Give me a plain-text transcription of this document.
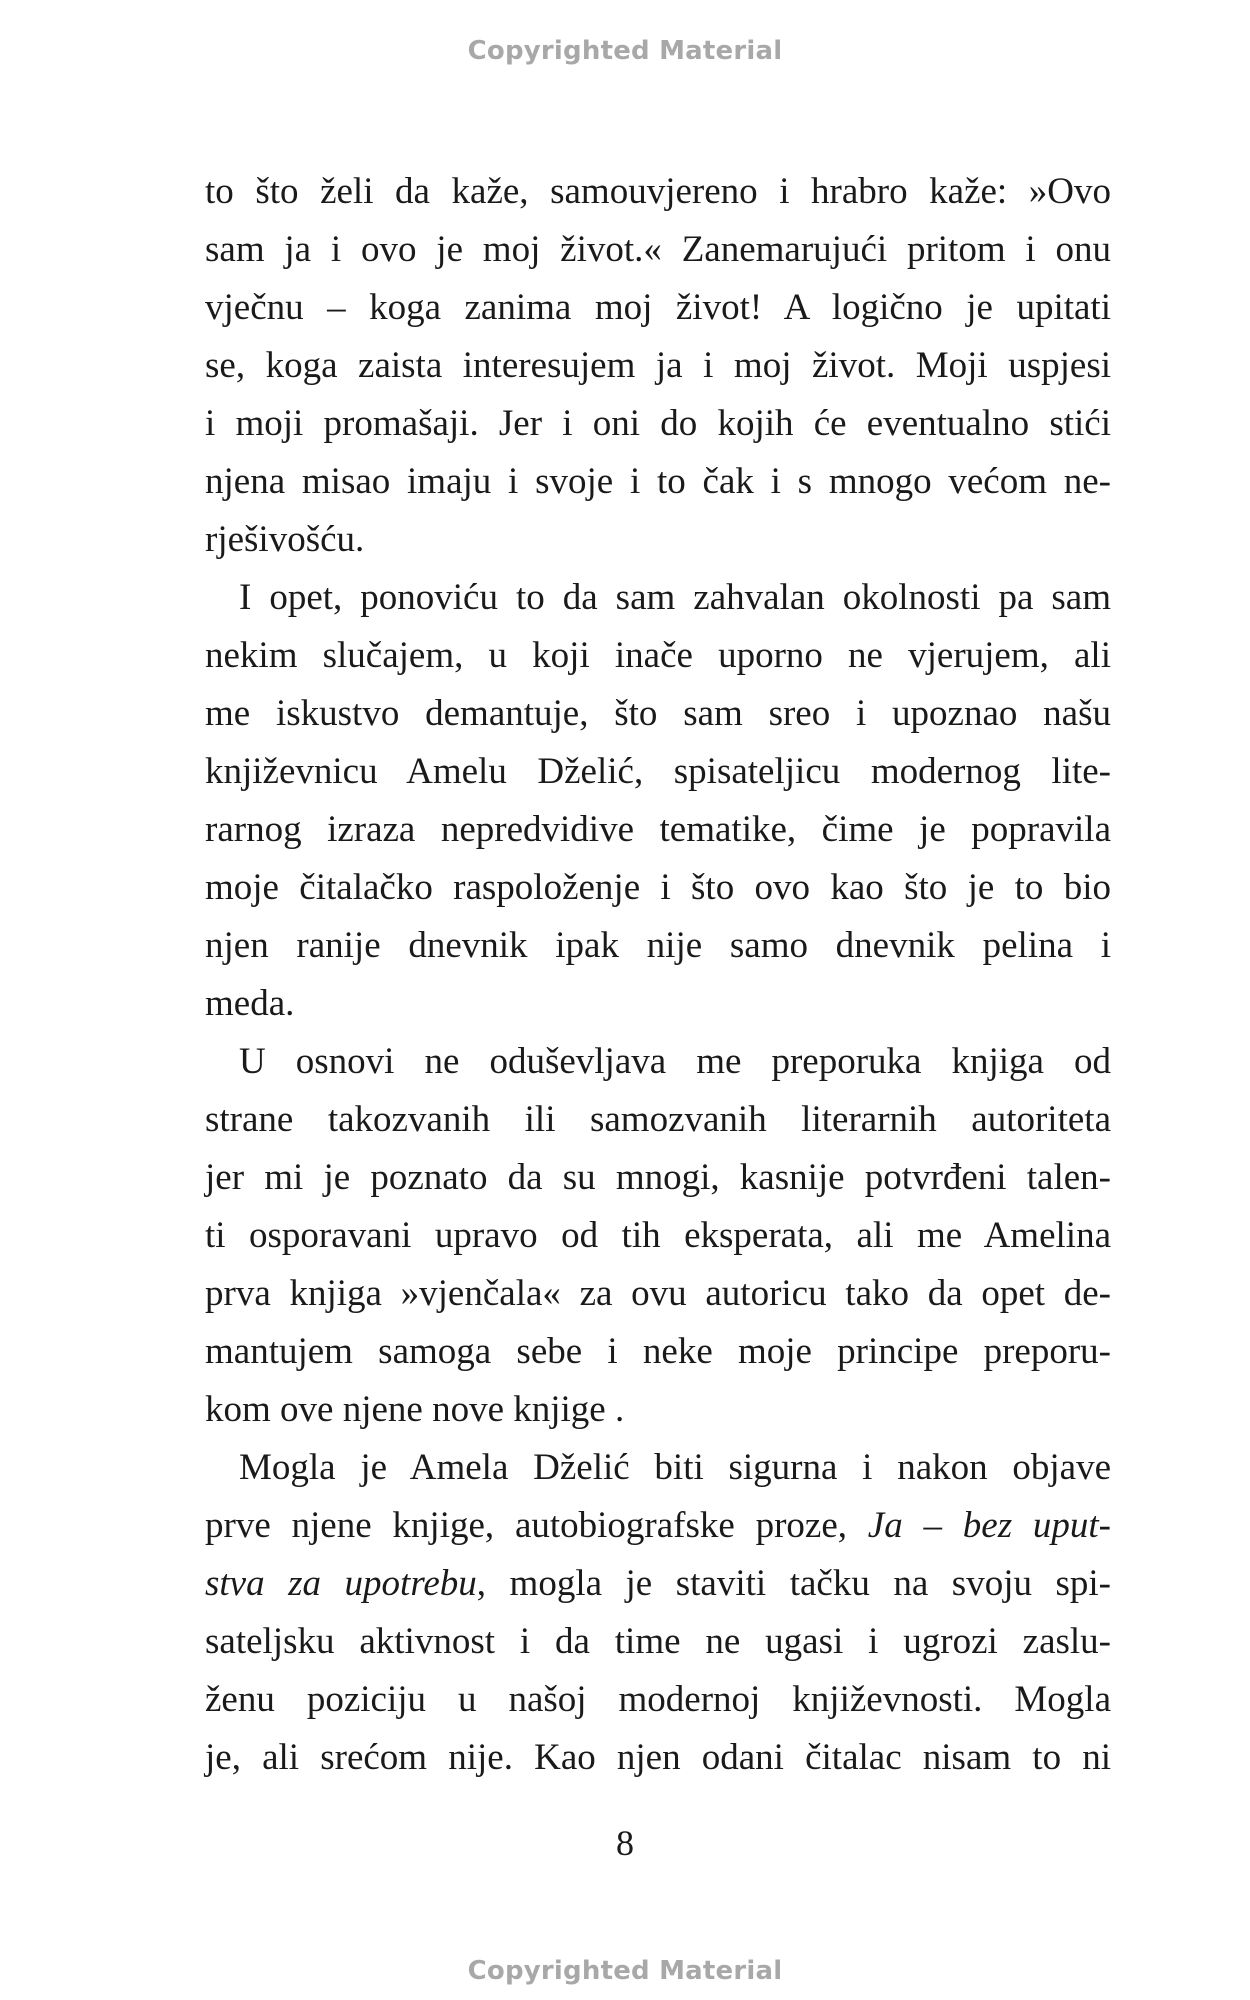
Copyrighted Material
to što želi da kaže, samouvjereno i hrabro kaže: »Ovo
sam ja i ovo je moj život.« Zanemarujući pritom i onu
vječnu – koga zanima moj život! A logično je upitati
se, koga zaista interesujem ja i moj život. Moji uspjesi
i moji promašaji. Jer i oni do kojih će eventualno stići
njena misao imaju i svoje i to čak i s mnogo većom ne-
rješivošću.
I opet, ponoviću to da sam zahvalan okolnosti pa sam
nekim slučajem, u koji inače uporno ne vjerujem, ali
me iskustvo demantuje, što sam sreo i upoznao našu
književnicu Amelu Dželić, spisateljicu modernog lite-
rarnog izraza nepredvidive tematike, čime je popravila
moje čitalačko raspoloženje i što ovo kao što je to bio
njen ranije dnevnik ipak nije samo dnevnik pelina i
meda.
U osnovi ne oduševljava me preporuka knjiga od
strane takozvanih ili samozvanih literarnih autoriteta
jer mi je poznato da su mnogi, kasnije potvrđeni talen-
ti osporavani upravo od tih eksperata, ali me Amelina
prva knjiga »vjenčala« za ovu autoricu tako da opet de-
mantujem samoga sebe i neke moje principe preporu-
kom ove njene nove knjige .
Mogla je Amela Dželić biti sigurna i nakon objave
prve njene knjige, autobiografske proze, Ja – bez uput-
stva za upotrebu, mogla je staviti tačku na svoju spi-
sateljsku aktivnost i da time ne ugasi i ugrozi zaslu-
ženu poziciju u našoj modernoj književnosti. Mogla
je, ali srećom nije. Kao njen odani čitalac nisam to ni
8
Copyrighted Material
